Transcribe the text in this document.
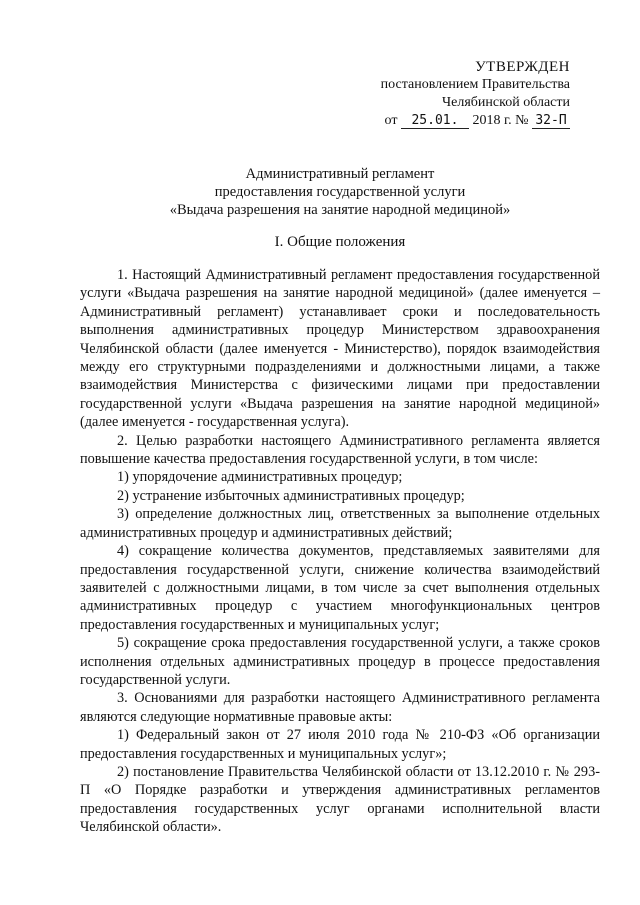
УТВЕРЖДЕН
постановлением Правительства
Челябинской области
от 25.01. 2018 г. № 32-П
Административный регламент
предоставления государственной услуги
«Выдача разрешения на занятие народной медициной»
I. Общие положения

1. Настоящий Административный регламент предоставления государственной услуги «Выдача разрешения на занятие народной медициной» (далее именуется – Административный регламент) устанавливает сроки и последовательность выполнения административных процедур Министерством здравоохранения Челябинской области (далее именуется - Министерство), порядок взаимодействия между его структурными подразделениями и должностными лицами, а также взаимодействия Министерства с физическими лицами при предоставлении государственной услуги «Выдача разрешения на занятие народной медициной» (далее именуется - государственная услуга).

2. Целью разработки настоящего Административного регламента является повышение качества предоставления государственной услуги, в том числе:

1) упорядочение административных процедур;

2) устранение избыточных административных процедур;

3) определение должностных лиц, ответственных за выполнение отдельных административных процедур и административных действий;

4) сокращение количества документов, представляемых заявителями для предоставления государственной услуги, снижение количества взаимодействий заявителей с должностными лицами, в том числе за счет выполнения отдельных административных процедур с участием многофункциональных центров предоставления государственных и муниципальных услуг;

5) сокращение срока предоставления государственной услуги, а также сроков исполнения отдельных административных процедур в процессе предоставления государственной услуги.

3. Основаниями для разработки настоящего Административного регламента являются следующие нормативные правовые акты:

1) Федеральный закон от 27 июля 2010 года № 210-ФЗ «Об организации предоставления государственных и муниципальных услуг»;

2) постановление Правительства Челябинской области от 13.12.2010 г. № 293-П «О Порядке разработки и утверждения административных регламентов предоставления государственных услуг органами исполнительной власти Челябинской области».
